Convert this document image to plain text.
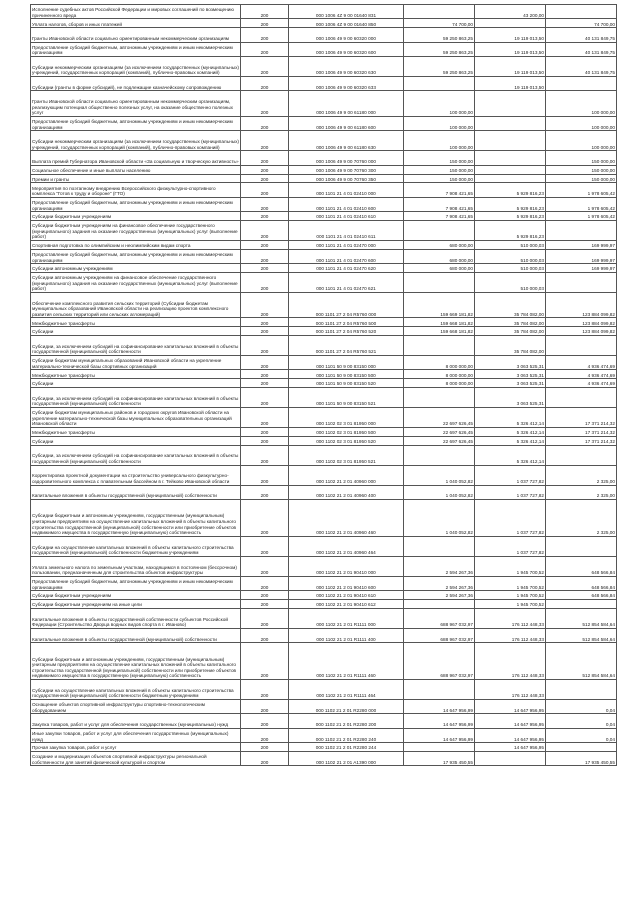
Исполнение судебных актов Российской Федерации и мировых соглашений по возмещению причиненного вреда	200	000 1006 4Z 9 00 01640 831		43 200,00	
Уплата налогов, сборов и иных платежей	200	000 1006 4Z 9 00 01640 850	74 700,00		74 700,00
Гранты Ивановской области социально ориентированным некоммерческим организациям	200	000 1006 49 9 00 60320 000	59 250 863,25	19 119 013,50	40 131 849,75
Предоставление субсидий бюджетным, автономным учреждениям и иным некоммерческим организациям	200	000 1006 49 9 00 60320 600	59 250 863,25	19 119 013,50	40 131 849,75
Субсидии некоммерческим организациям (за исключением государственных (муниципальных) учреждений, государственных корпораций (компаний), публично-правовых компаний)	200	000 1006 49 9 00 60320 630	59 250 863,25	19 119 013,50	40 131 849,75
Субсидии (гранты в форме субсидий), не подлежащие казначейскому сопровождению	200	000 1006 49 9 00 60320 633		19 119 013,50	
Гранты Ивановской области социально ориентированным некоммерческим организациям, реализующим потенциал общественно полезных услуг, на оказание общественно полезных услуг	200	000 1006 49 9 00 61180 000	100 000,00		100 000,00
Предоставление субсидий бюджетным, автономным учреждениям и иным некоммерческим организациям	200	000 1006 49 9 00 61180 600	100 000,00		100 000,00
Субсидии некоммерческим организациям (за исключением государственных (муниципальных) учреждений, государственных корпораций (компаний), публично-правовых компаний)	200	000 1006 49 9 00 61180 630	100 000,00		100 000,00
Выплата премий Губернатора Ивановской области «За социальную и творческую активность»	200	000 1006 49 9 00 70760 000	150 000,00		150 000,00
Социальное обеспечение и иные выплаты населению	200	000 1006 49 9 00 70760 300	150 000,00		150 000,00
Премии и гранты	200	000 1006 49 9 00 70760 350	150 000,00		150 000,00
Мероприятия по поэтапному внедрению Всероссийского физкультурно-спортивного комплекса "Готов к труду и обороне" (ГТО)	200	000 1101 21 4 01 02410 000	7 908 421,65	5 929 816,23	1 978 605,42
Предоставление субсидий бюджетным, автономным учреждениям и иным некоммерческим организациям	200	000 1101 21 4 01 02410 600	7 908 421,65	5 929 816,23	1 978 605,42
Субсидии бюджетным учреждениям	200	000 1101 21 4 01 02410 610	7 908 421,65	5 929 816,23	1 978 605,42
Субсидии бюджетным учреждениям на финансовое обеспечение государственного (муниципального) задания на оказание государственных (муниципальных) услуг (выполнение работ)	200	000 1101 21 4 01 02410 611		5 929 816,23	
Спортивная подготовка по олимпийским и неолимпийским видам спорта	200	000 1101 21 4 01 02470 000	680 000,00	510 000,03	169 999,97
Предоставление субсидий бюджетным, автономным учреждениям и иным некоммерческим организациям	200	000 1101 21 4 01 02470 600	680 000,00	510 000,03	169 999,97
Субсидии автономным учреждениям	200	000 1101 21 4 01 02470 620	680 000,00	510 000,03	169 999,97
Субсидии автономным учреждениям на финансовое обеспечение государственного (муниципального) задания на оказание государственных (муниципальных) услуг (выполнение работ)	200	000 1101 21 4 01 02470 621		510 000,03	
Обеспечение комплексного развития сельских территорий (Субсидии бюджетам муниципальных образований Ивановской области на реализацию проектов комплексного развития сельских территорий или сельских агломераций)	200	000 1101 27 2 04 R5760 000	159 669 181,82	35 784 082,00	123 884 099,82
Межбюджетные трансферты	200	000 1101 27 2 04 R5760 500	159 668 181,82	35 784 082,00	123 884 099,82
Субсидии	200	000 1101 27 2 04 R5760 520	159 668 181,82	35 784 082,00	123 884 099,82
Субсидии, за исключением субсидий на софинансирование капитальных вложений в объекты государственной (муниципальной) собственности	200	000 1101 27 2 04 R5760 521		35 784 082,00	
Субсидии бюджетам муниципальных образований Ивановской области на укрепление материально-технической базы спортивных организаций	200	000 1101 50 9 00 83150 000	8 000 000,00	3 063 525,31	4 936 474,69
Межбюджетные трансферты	200	000 1101 50 9 00 83150 500	8 000 000,00	3 063 525,31	4 936 474,69
Субсидии	200	000 1101 50 9 00 83150 520	8 000 000,00	3 063 525,31	4 936 474,69
Субсидии, за исключением субсидий на софинансирование капитальных вложений в объекты государственной (муниципальной) собственности	200	000 1101 50 9 00 83150 521		3 063 525,31	
Субсидии бюджетам муниципальных районов и городских округов Ивановской области на укрепление материально-технической базы муниципальных образовательных организаций Ивановской области	200	000 1102 02 3 01 81950 000	22 697 626,45	5 326 412,14	17 371 214,32
Межбюджетные трансферты	200	000 1102 02 3 01 81950 500	22 697 626,45	5 326 412,14	17 371 214,32
Субсидии	200	000 1102 02 3 01 81950 520	22 697 626,45	5 326 412,14	17 371 214,32
Субсидии, за исключением субсидий на софинансирование капитальных вложений в объекты государственной (муниципальной) собственности	200	000 1102 02 3 01 81950 521		5 326 412,14	
Корректировка проектной документации на строительство универсального физкультурно-оздоровительного комплекса с плавательным бассейном в г. Тейково Ивановской области	200	000 1102 21 2 01 40960 000	1 040 052,82	1 037 727,82	2 325,00
Капитальные вложения в объекты государственной (муниципальной) собственности	200	000 1102 21 2 01 40960 400	1 040 052,82	1 037 727,82	2 325,00
Субсидии бюджетным и автономным учреждениям, государственным (муниципальным) унитарным предприятиям на осуществление капитальных вложений в объекты капитального строительства государственной (муниципальной) собственности или приобретение объектов недвижимого имущества в государственную (муниципальную) собственность	200	000 1102 21 2 01 40960 460	1 040 052,82	1 037 727,82	2 325,00
Субсидии на осуществление капитальных вложений в объекты капитального строительства государственной (муниципальной) собственности бюджетным учреждениям	200	000 1102 21 2 01 40960 464		1 037 727,82	
Уплата земельного налога по земельным участкам, находящимся в постоянном (бессрочном) пользовании, предназначенным для строительства объектов инфраструктуры	200	000 1102 21 2 01 90410 000	2 594 267,36	1 945 700,52	648 566,84
Предоставление субсидий бюджетным, автономным учреждениям и иным некоммерческим организациям	200	000 1102 21 2 01 90410 600	2 594 267,36	1 945 700,52	648 566,84
Субсидии бюджетным учреждениям	200	000 1102 21 2 01 90410 610	2 594 267,36	1 945 700,52	648 566,84
Субсидии бюджетным учреждениям на иные цели	200	000 1102 21 2 01 90410 612		1 945 700,52	
Капитальные вложения в объекты государственной собственности субъектов Российской Федерации (Строительство Дворца водных видов спорта в г. Иваново)	200	000 1102 21 2 01 R1111 000	688 967 032,97	176 112 448,33	512 854 584,64
Капитальные вложения в объекты государственной (муниципальной) собственности	200	000 1102 21 2 01 R1111 400	688 967 032,97	176 112 448,33	512 854 584,64
Субсидии бюджетным и автономным учреждениям, государственным (муниципальным) унитарным предприятиям на осуществление капитальных вложений в объекты капитального строительства государственной (муниципальной) собственности или приобретение объектов недвижимого имущества в государственную (муниципальную) собственность	200	000 1102 21 2 01 R1111 460	688 967 032,97	176 112 448,33	512 854 584,64
Субсидии на осуществление капитальных вложений в объекты капитального строительства государственной (муниципальной) собственности бюджетным учреждениям	200	000 1102 21 2 01 R1111 464		176 112 448,33	
Оснащение объектов спортивной инфраструктуры спортивно-технологическим оборудованием	200	000 1102 21 2 01 R2280 000	14 647 956,99	14 647 956,95	0,04
Закупка товаров, работ и услуг для обеспечения государственных (муниципальных) нужд	200	000 1102 21 2 01 R2280 200	14 647 956,99	14 647 956,95	0,04
Иные закупки товаров, работ и услуг для обеспечения государственных (муниципальных) нужд	200	000 1102 21 2 01 R2280 240	14 647 956,99	14 647 956,95	0,04
Прочая закупка товаров, работ и услуг	200	000 1102 21 2 01 R2280 244		14 647 956,95	
Создание и модернизация объектов спортивной инфраструктуры региональной собственности для занятий физической культурой и спортом	200	000 1102 21 2 01 A1390 000	17 935 450,55		17 935 450,55
